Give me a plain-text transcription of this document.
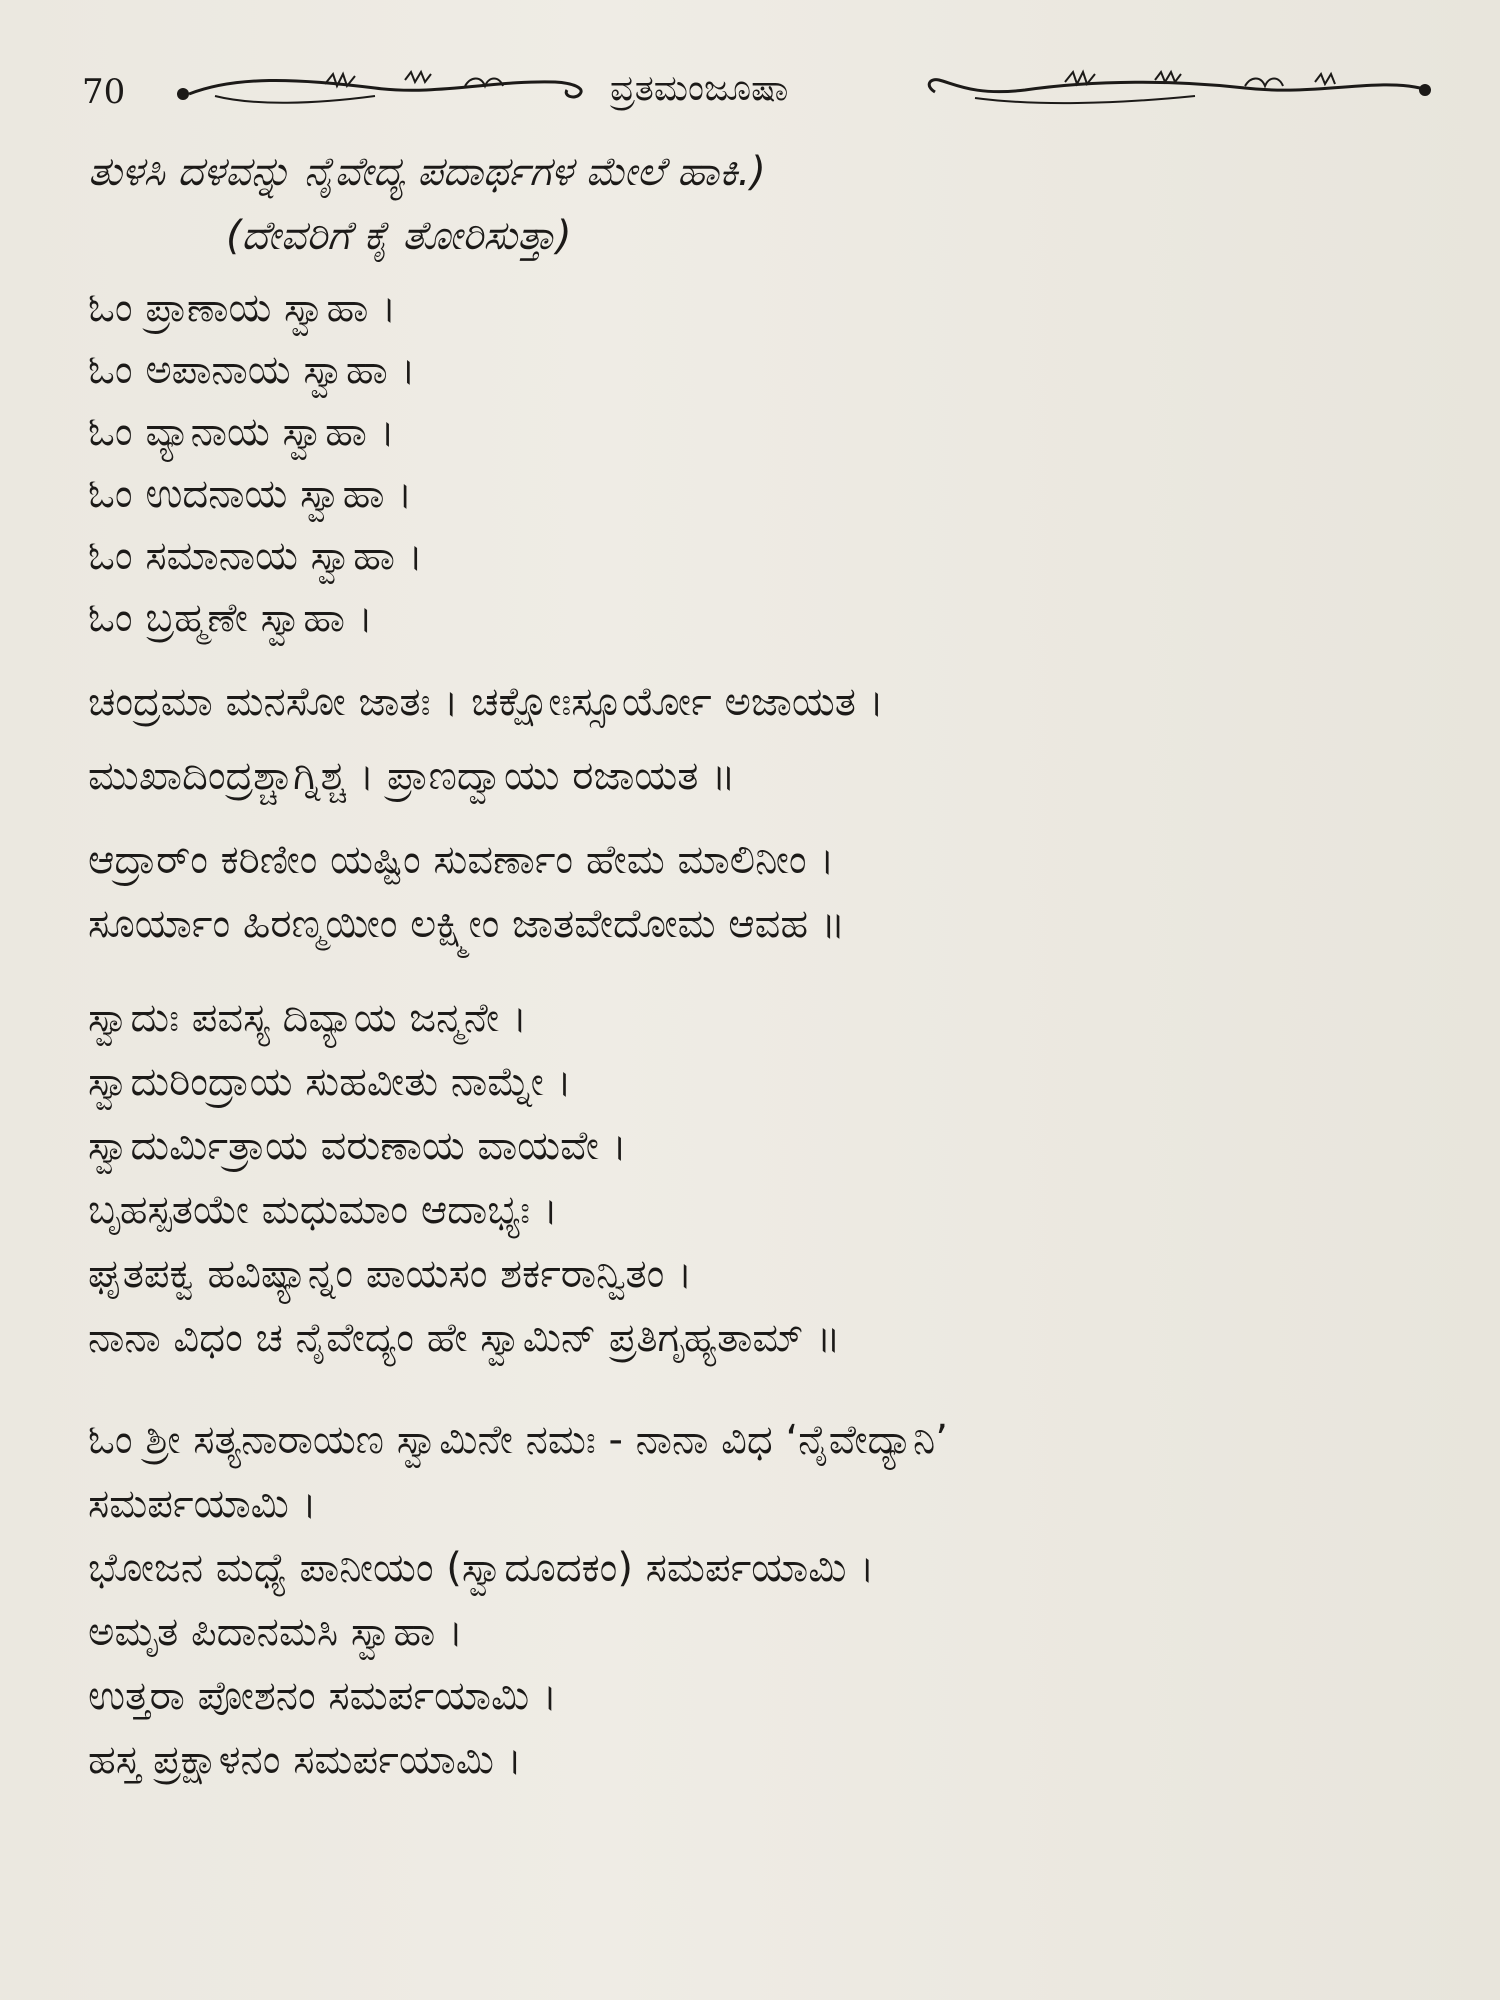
70	ವ್ರತಮಂಜೂಷಾ
ತುಳಸಿ ದಳವನ್ನು ನೈವೇದ್ಯ ಪದಾರ್ಥಗಳ ಮೇಲೆ ಹಾಕಿ.)
(ದೇವರಿಗೆ ಕೈ ತೋರಿಸುತ್ತಾ)
ಓಂ ಪ್ರಾಣಾಯ ಸ್ವಾಹಾ ।
ಓಂ ಅಪಾನಾಯ ಸ್ವಾಹಾ ।
ಓಂ ವ್ಯಾನಾಯ ಸ್ವಾಹಾ ।
ಓಂ ಉದನಾಯ ಸ್ವಾಹಾ ।
ಓಂ ಸಮಾನಾಯ ಸ್ವಾಹಾ ।
ಓಂ ಬ್ರಹ್ಮಣೇ ಸ್ವಾಹಾ ।
ಚಂದ್ರಮಾ ಮನಸೋ ಜಾತಃ । ಚಕ್ಷೋಃಸ್ಸೂರ್ಯೋ ಅಜಾಯತ ।
ಮುಖಾದಿಂದ್ರಶ್ಚಾಗ್ನಿಶ್ಚ । ಪ್ರಾಣದ್ವಾಯು ರಜಾಯತ ॥
ಆದ್ರಾರ್ಂ ಕರಿಣೀಂ ಯಷ್ಟಿಂ ಸುವರ್ಣಾಂ ಹೇಮ ಮಾಲಿನೀಂ ।
ಸೂರ್ಯಾಂ ಹಿರಣ್ಮಯೀಂ ಲಕ್ಷ್ಮೀಂ ಜಾತವೇದೋಮ ಆವಹ ॥
ಸ್ವಾದುಃ ಪವಸ್ಯ ದಿವ್ಯಾಯ ಜನ್ಮನೇ ।
ಸ್ವಾದುರಿಂದ್ರಾಯ ಸುಹವೀತು ನಾಮ್ನೇ ।
ಸ್ವಾದುರ್ಮಿತ್ರಾಯ ವರುಣಾಯ ವಾಯವೇ ।
ಬೃಹಸ್ಪತಯೇ ಮಧುಮಾಂ ಆದಾಭ್ಯಃ ।
ಘೃತಪಕ್ವ ಹವಿಷ್ಯಾನ್ನಂ ಪಾಯಸಂ ಶರ್ಕರಾನ್ವಿತಂ ।
ನಾನಾ ವಿಧಂ ಚ ನೈವೇದ್ಯಂ ಹೇ ಸ್ವಾಮಿನ್ ಪ್ರತಿಗೃಹ್ಯತಾಮ್ ॥
ಓಂ ಶ್ರೀ ಸತ್ಯನಾರಾಯಣ ಸ್ವಾಮಿನೇ ನಮಃ - ನಾನಾ ವಿಧ ‘ನೈವೇದ್ಯಾನಿ’
ಸಮರ್ಪಯಾಮಿ ।
ಭೋಜನ ಮಧ್ಯೆ ಪಾನೀಯಂ (ಸ್ವಾದೂದಕಂ) ಸಮರ್ಪಯಾಮಿ ।
ಅಮೃತ ಪಿದಾನಮಸಿ ಸ್ವಾಹಾ ।
ಉತ್ತರಾ ಪೋಶನಂ ಸಮರ್ಪಯಾಮಿ ।
ಹಸ್ತ ಪ್ರಕ್ಷಾಳನಂ ಸಮರ್ಪಯಾಮಿ ।
